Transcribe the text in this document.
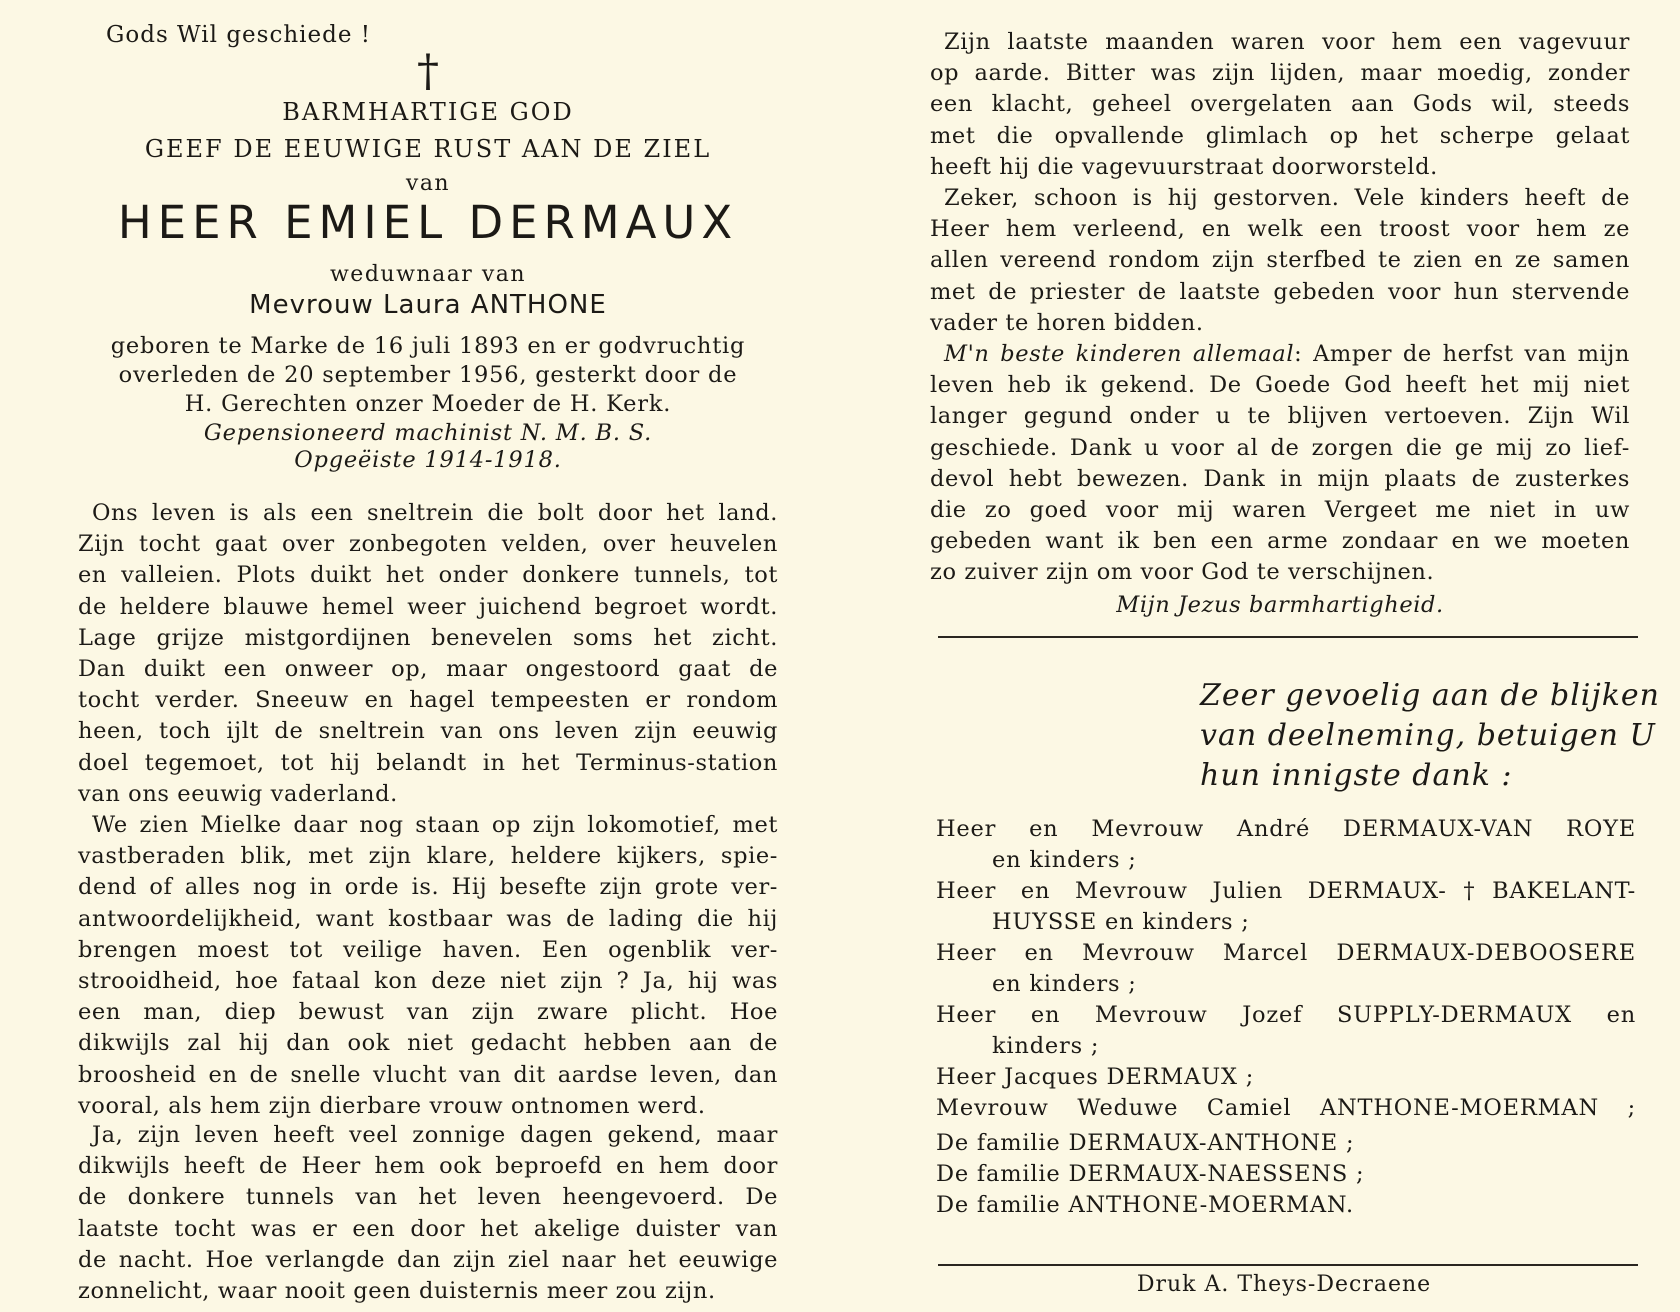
Gods Wil geschiede !
†
BARMHARTIGE GOD
GEEF DE EEUWIGE RUST AAN DE ZIEL
van
HEER EMIEL DERMAUX
weduwnaar van
Mevrouw Laura ANTHONE
geboren te Marke de 16 juli 1893 en er godvruchtig
overleden de 20 september 1956, gesterkt door de
H. Gerechten onzer Moeder de H. Kerk.
Gepensioneerd machinist N. M. B. S.
Opgeëiste 1914-1918.
Ons leven is als een sneltrein die bolt door het land.
Zijn tocht gaat over zonbegoten velden, over heuvelen
en valleien. Plots duikt het onder donkere tunnels, tot
de heldere blauwe hemel weer juichend begroet wordt.
Lage grijze mistgordijnen benevelen soms het zicht.
Dan duikt een onweer op, maar ongestoord gaat de
tocht verder. Sneeuw en hagel tempeesten er rondom
heen, toch ijlt de sneltrein van ons leven zijn eeuwig
doel tegemoet, tot hij belandt in het Terminus-station
van ons eeuwig vaderland.
We zien Mielke daar nog staan op zijn lokomotief, met
vastberaden blik, met zijn klare, heldere kijkers, spie-
dend of alles nog in orde is. Hij besefte zijn grote ver-
antwoordelijkheid, want kostbaar was de lading die hij
brengen moest tot veilige haven. Een ogenblik ver-
strooidheid, hoe fataal kon deze niet zijn ? Ja, hij was
een man, diep bewust van zijn zware plicht. Hoe
dikwijls zal hij dan ook niet gedacht hebben aan de
broosheid en de snelle vlucht van dit aardse leven, dan
vooral, als hem zijn dierbare vrouw ontnomen werd.
Ja, zijn leven heeft veel zonnige dagen gekend, maar
dikwijls heeft de Heer hem ook beproefd en hem door
de donkere tunnels van het leven heengevoerd. De
laatste tocht was er een door het akelige duister van
de nacht. Hoe verlangde dan zijn ziel naar het eeuwige
zonnelicht, waar nooit geen duisternis meer zou zijn.
Zijn laatste maanden waren voor hem een vagevuur
op aarde. Bitter was zijn lijden, maar moedig, zonder
een klacht, geheel overgelaten aan Gods wil, steeds
met die opvallende glimlach op het scherpe gelaat
heeft hij die vagevuurstraat doorworsteld.
Zeker, schoon is hij gestorven. Vele kinders heeft de
Heer hem verleend, en welk een troost voor hem ze
allen vereend rondom zijn sterfbed te zien en ze samen
met de priester de laatste gebeden voor hun stervende
vader te horen bidden.
M'n beste kinderen allemaal: Amper de herfst van mijn
leven heb ik gekend. De Goede God heeft het mij niet
langer gegund onder u te blijven vertoeven. Zijn Wil
geschiede. Dank u voor al de zorgen die ge mij zo lief-
devol hebt bewezen. Dank in mijn plaats de zusterkes
die zo goed voor mij waren Vergeet me niet in uw
gebeden want ik ben een arme zondaar en we moeten
zo zuiver zijn om voor God te verschijnen.
Mijn Jezus barmhartigheid.
Zeer gevoelig aan de blijken
van deelneming, betuigen U
hun innigste dank :
Heer en Mevrouw André DERMAUX-VAN ROYE
en kinders ;
Heer en Mevrouw Julien DERMAUX-†BAKELANT-
HUYSSE en kinders ;
Heer en Mevrouw Marcel DERMAUX-DEBOOSERE
en kinders ;
Heer en Mevrouw Jozef SUPPLY-DERMAUX en
kinders ;
Heer Jacques DERMAUX ;
Mevrouw Weduwe Camiel ANTHONE-MOERMAN ;
De familie DERMAUX-ANTHONE ;
De familie DERMAUX-NAESSENS ;
De familie ANTHONE-MOERMAN.
Druk A. Theys-Decraene
